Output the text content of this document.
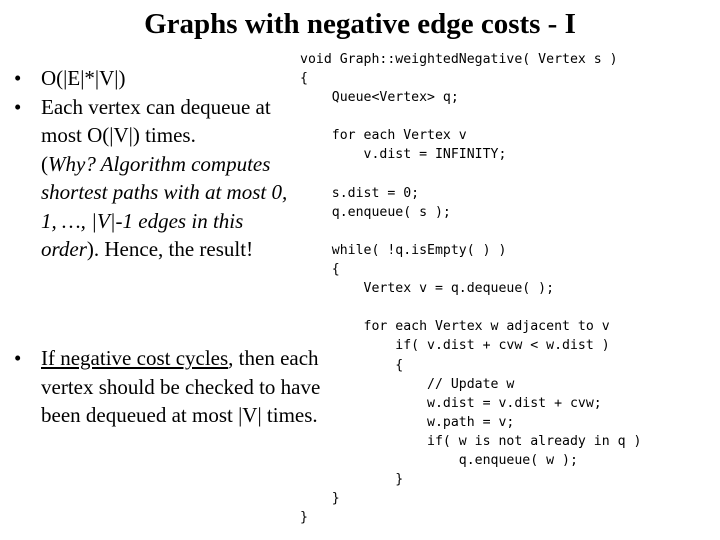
Graphs with negative edge costs - I
• O(|E|*|V|)
• Each vertex can dequeue at most O(|V|) times.
(Why? Algorithm computes shortest paths with at most 0, 1, …, |V|-1 edges in this order). Hence, the result!
• If negative cost cycles, then each vertex should be checked to have been dequeued at most |V| times.
void Graph::weightedNegative( Vertex s )
{
Queue<Vertex> q;
for each Vertex v
v.dist = INFINITY;
s.dist = 0;
q.enqueue( s );
while( !q.isEmpty( ) )
{
Vertex v = q.dequeue( );
for each Vertex w adjacent to v
if( v.dist + cvw < w.dist )
{
// Update w
w.dist = v.dist + cvw;
w.path = v;
if( w is not already in q )
q.enqueue( w );
}
}
}
